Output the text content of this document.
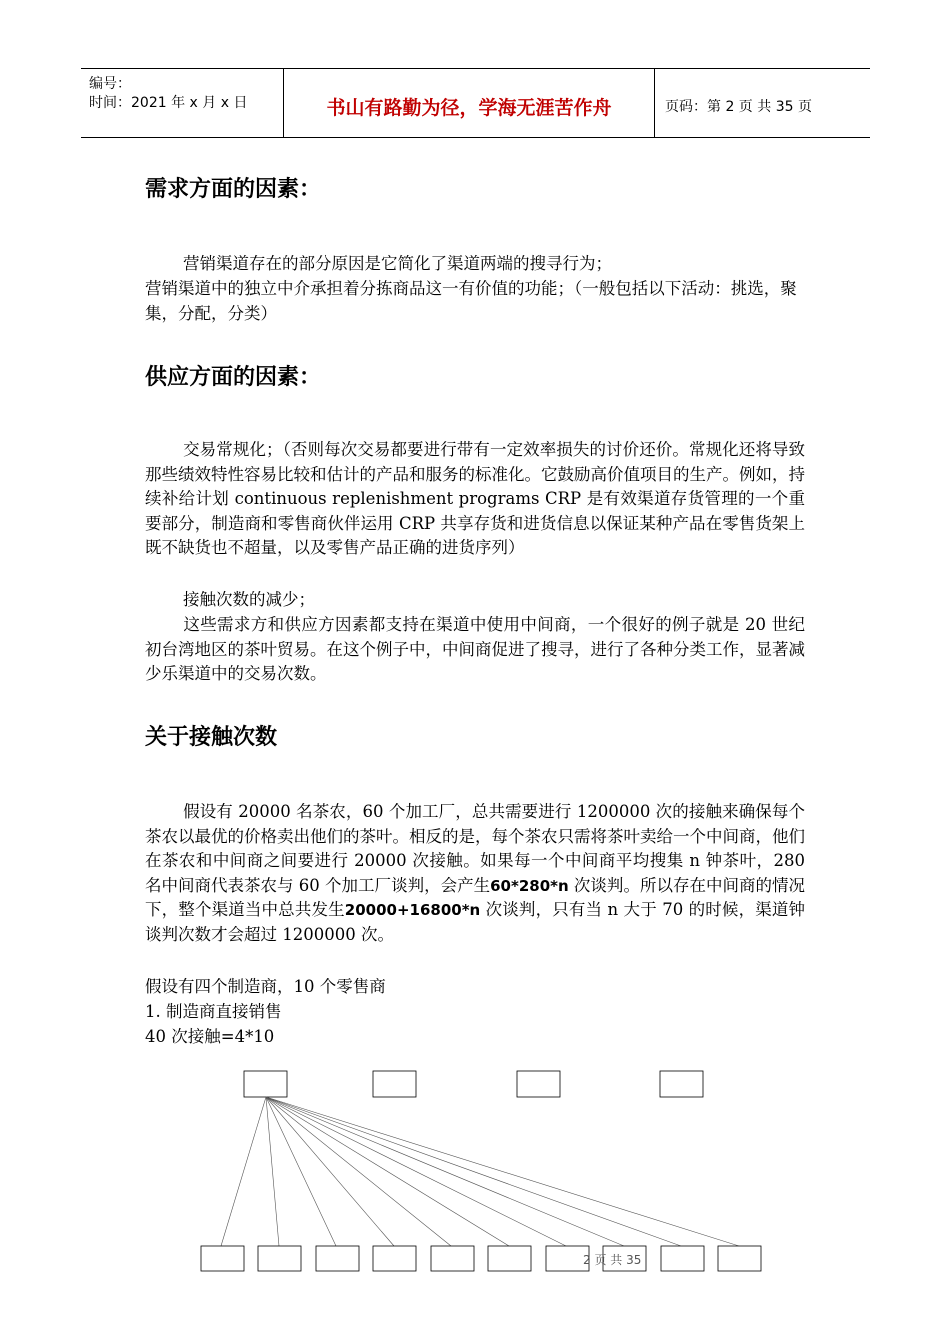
编号：
时间：2021 年 x 月 x 日	书山有路勤为径，学海无涯苦作舟	页码：第 2 页 共 35 页
需求方面的因素：

营销渠道存在的部分原因是它简化了渠道两端的搜寻行为；

营销渠道中的独立中介承担着分拣商品这一有价值的功能；（一般包括以下活动：挑选，聚集，分配，分类）

供应方面的因素：

交易常规化；（否则每次交易都要进行带有一定效率损失的讨价还价。常规化还将导致那些绩效特性容易比较和估计的产品和服务的标准化。它鼓励高价值项目的生产。例如，持续补给计划 continuous replenishment programs CRP 是有效渠道存货管理的一个重要部分，制造商和零售商伙伴运用 CRP 共享存货和进货信息以保证某种产品在零售货架上既不缺货也不超量，以及零售产品正确的进货序列）

接触次数的减少；

这些需求方和供应方因素都支持在渠道中使用中间商，一个很好的例子就是 20 世纪初台湾地区的茶叶贸易。在这个例子中，中间商促进了搜寻，进行了各种分类工作，显著减少乐渠道中的交易次数。

关于接触次数

假设有 20000 名茶农，60 个加工厂，总共需要进行 1200000 次的接触来确保每个茶农以最优的价格卖出他们的茶叶。相反的是，每个茶农只需将茶叶卖给一个中间商，他们在茶农和中间商之间要进行 20000 次接触。如果每一个中间商平均搜集 n 钟茶叶，280 名中间商代表茶农与 60 个加工厂谈判，会产生60*280*n 次谈判。所以存在中间商的情况下，整个渠道当中总共发生20000+16800*n 次谈判，只有当 n 大于 70 的时候，渠道钟谈判次数才会超过 1200000 次。

假设有四个制造商，10 个零售商

1. 制造商直接销售

40 次接触=4*10

2 页 共 35
